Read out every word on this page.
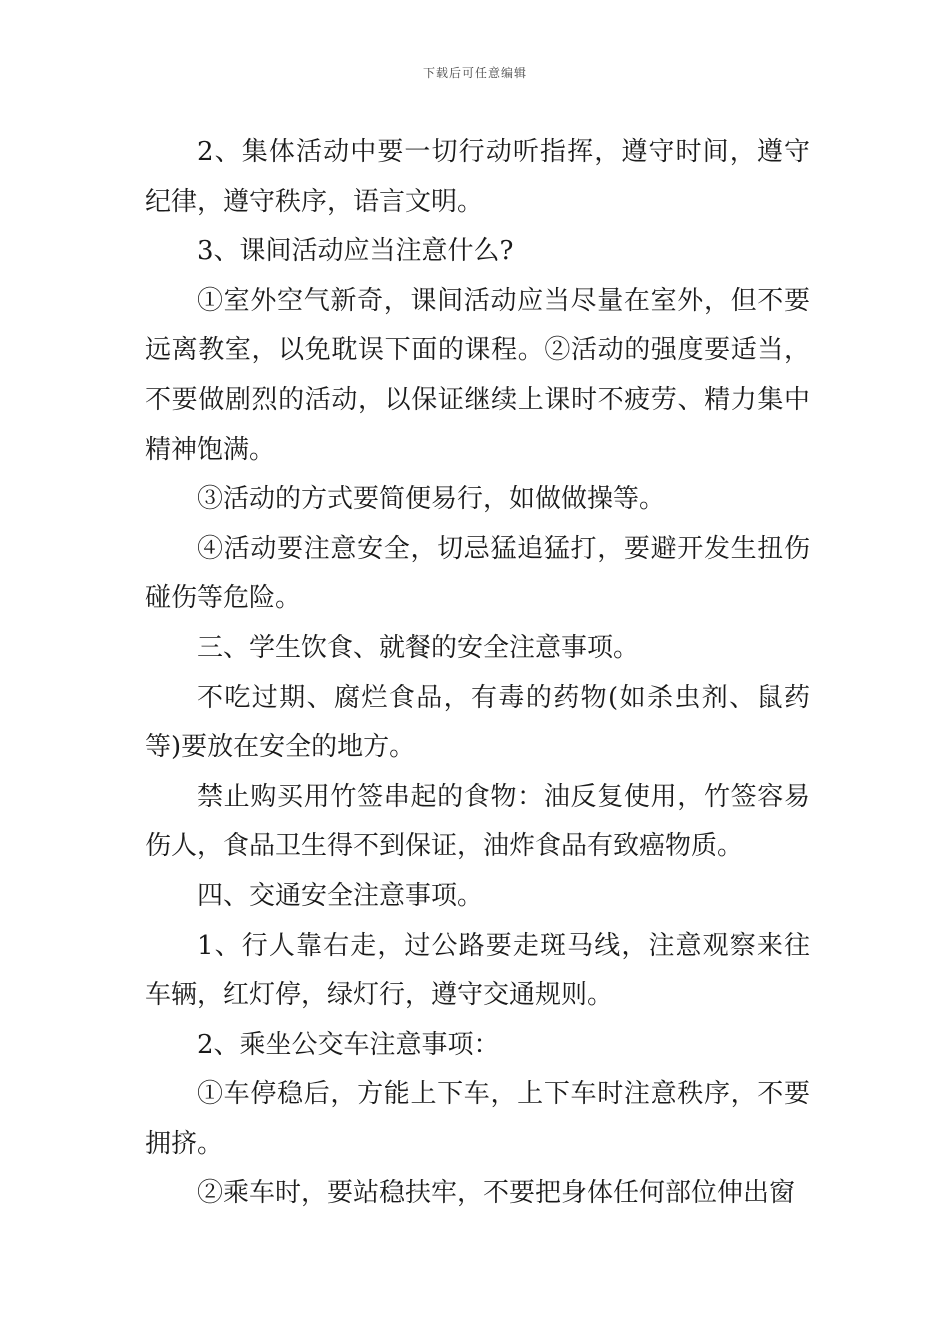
下载后可任意编辑

2、集体活动中要一切行动听指挥，遵守时间，遵守纪律，遵守秩序，语言文明。

3、课间活动应当注意什么?

①室外空气新奇，课间活动应当尽量在室外，但不要远离教室，以免耽误下面的课程。②活动的强度要适当，不要做剧烈的活动，以保证继续上课时不疲劳、精力集中精神饱满。

③活动的方式要简便易行，如做做操等。

④活动要注意安全，切忌猛追猛打，要避开发生扭伤碰伤等危险。

三、学生饮食、就餐的安全注意事项。

不吃过期、腐烂食品，有毒的药物(如杀虫剂、鼠药等)要放在安全的地方。

禁止购买用竹签串起的食物：油反复使用，竹签容易伤人，食品卫生得不到保证，油炸食品有致癌物质。

四、交通安全注意事项。

1、行人靠右走，过公路要走斑马线，注意观察来往车辆，红灯停，绿灯行，遵守交通规则。

2、乘坐公交车注意事项：

①车停稳后，方能上下车，上下车时注意秩序，不要拥挤。

②乘车时，要站稳扶牢，不要把身体任何部位伸出窗
